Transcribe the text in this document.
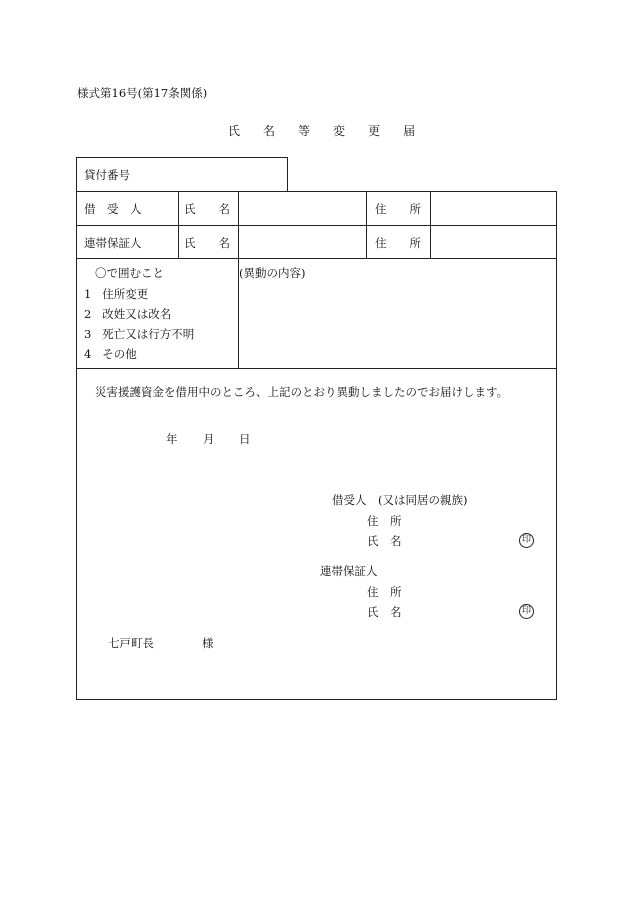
様式第16号(第17条関係)
氏 名 等 変 更 届
貸付番号
借　受　人	氏　　名	住　　所
連帯保証人	氏　　名	住　　所
〇で囲むこと
1 住所変更
2 改姓又は改名
3 死亡又は行方不明
4 その他
(異動の内容)
災害援護資金を借用中のところ、上記のとおり異動しましたのでお届けします。
年 月 日
借受人　(又は同居の親族)
住　所
氏　名	印
連帯保証人
住　所
氏　名	印
七戸町長	様
